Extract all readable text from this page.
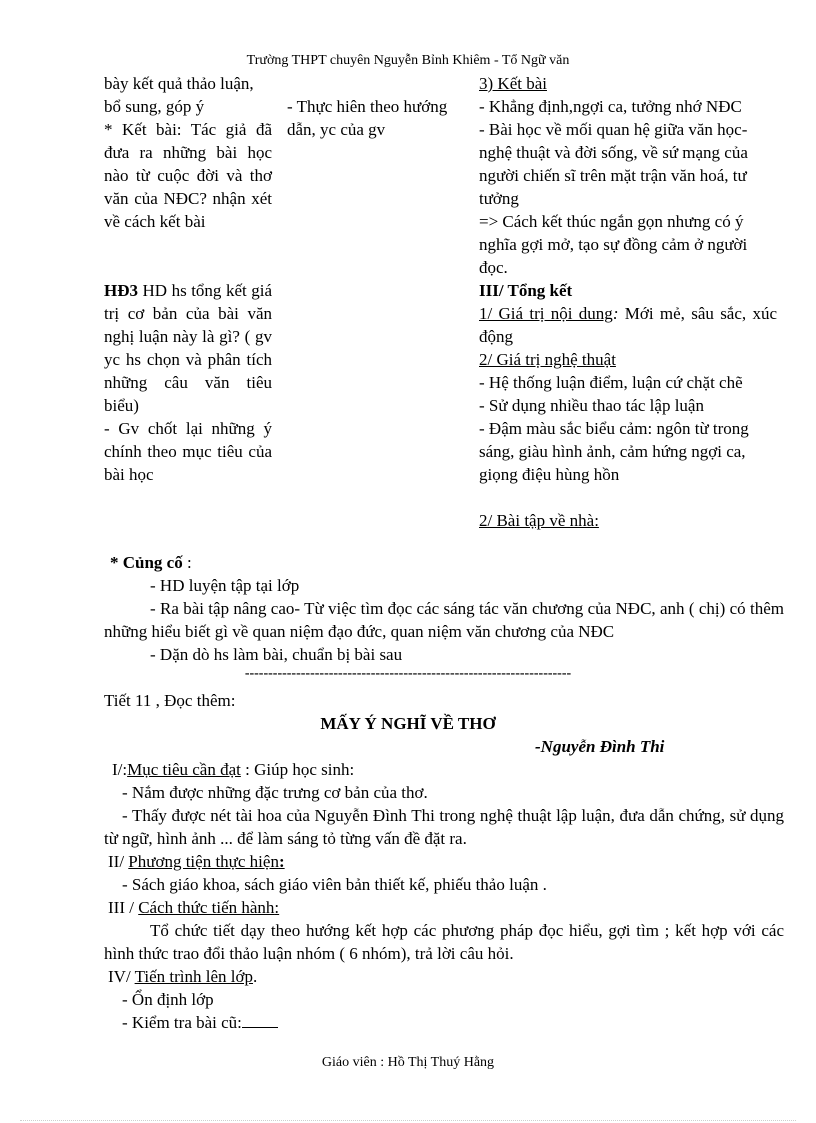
Trường THPT chuyên Nguyễn Bỉnh Khiêm - Tổ Ngữ văn

bày kết quả thảo luận,

bổ sung, góp ý

* Kết bài: Tác giả đã đưa ra những bài học nào từ cuộc đời và thơ văn của NĐC? nhận xét về cách kết bài

HĐ3 HD hs tổng kết giá trị cơ bản của bài văn nghị luận này là gì? ( gv yc hs chọn và phân tích những câu văn tiêu biểu)

- Gv chốt lại những ý chính theo mục tiêu của bài học

- Thực hiên theo hướng dẫn, yc của gv

3) Kết bài

- Khẳng định,ngợi ca, tưởng nhớ NĐC

- Bài học về mối quan hệ giữa văn học-nghệ thuật và đời sống, về sứ mạng của người chiến sĩ trên mặt trận văn hoá, tư tưởng

=> Cách kết thúc ngắn gọn nhưng có ý nghĩa gợi mở, tạo sự đồng cảm ở người đọc.

III/ Tổng kết

1/ Giá trị nội dung: Mới mẻ, sâu sắc, xúc động

2/ Giá trị nghệ thuật

- Hệ thống luận điểm, luận cứ chặt chẽ

- Sử dụng nhiều thao tác lập luận

- Đậm màu sắc biểu cảm: ngôn từ trong sáng, giàu hình ảnh, cảm hứng ngợi ca, giọng điệu hùng hồn

2/ Bài tập về nhà:

* Củng cố :

- HD luyện tập tại lớp

- Ra bài tập nâng cao- Từ việc tìm đọc các sáng tác văn chương của NĐC, anh ( chị) có thêm những hiểu biết gì về quan niệm đạo đức, quan niệm văn chương của NĐC

- Dặn dò hs làm bài, chuẩn bị bài sau

----------------------------------------------------------------------

Tiết 11 , Đọc thêm:

MẤY Ý NGHĨ VỀ THƠ
-Nguyễn Đình Thi

I/:Mục tiêu cần đạt : Giúp học sinh:

- Nắm được những đặc trưng cơ bản của thơ.

- Thấy được nét tài hoa của Nguyễn Đình Thi trong nghệ thuật lập luận, đưa dẫn chứng, sử dụng từ ngữ, hình ảnh ... để làm sáng tỏ từng vấn đề đặt ra.

II/ Phương tiện thực hiện:

- Sách giáo khoa, sách giáo viên bản thiết kế, phiếu thảo luận .

III / Cách thức tiến hành:

Tổ chức tiết dạy theo hướng kết hợp các phương pháp đọc hiểu, gợi tìm ; kết hợp với các hình thức trao đổi thảo luận nhóm ( 6 nhóm), trả lời câu hỏi.

IV/ Tiến trình lên lớp.

- Ổn định lớp

- Kiểm tra bài cũ:

Giáo viên : Hồ Thị Thuý Hằng
